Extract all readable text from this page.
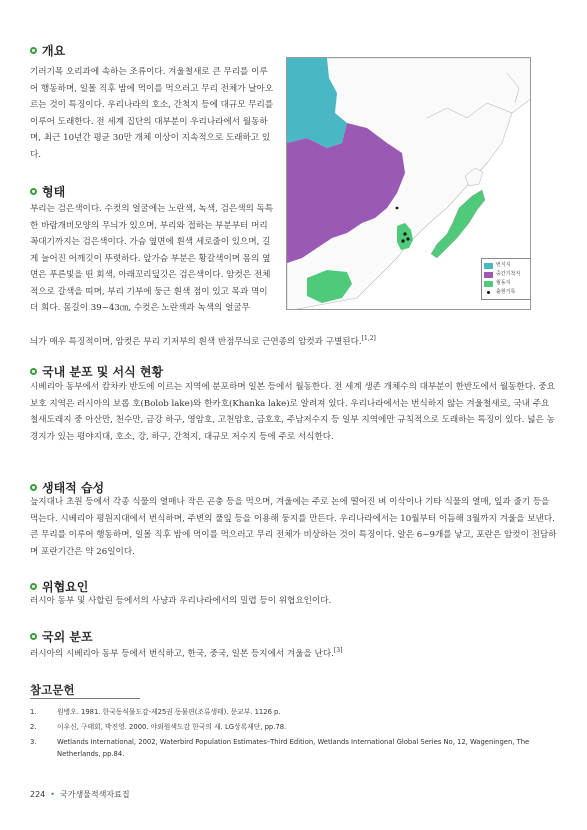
개요

기러기목 오리과에 속하는 조류이다. 겨울철새로 큰 무리를 이루어 행동하며, 일몰 직후 밤에 먹이를 먹으러고 무리 전체가 날아오르는 것이 특징이다. 우리나라의 호소, 간척지 등에 대규모 무리를 이루어 도래한다. 전 세계 집단의 대부분이 우리나라에서 월동하며, 최근 10년간 평균 30만 개체 이상이 지속적으로 도래하고 있다.

형태

부리는 검은색이다. 수컷의 얼굴에는 노란색, 녹색, 검은색의 독특한 바람개비모양의 무늬가 있으며, 부리와 접하는 부분부터 머리꼭대기까지는 검은색이다. 가슴 옆면에 흰색 세로줄이 있으며, 길게 늘어진 어깨깃이 뚜렷하다. 앞가슴 부분은 황갈색이며 몸의 옆면은 푸른빛을 띤 회색, 아래꼬리덮깃은 검은색이다. 암컷은 전체적으로 갈색을 띠며, 부리 기부에 둥근 흰색 점이 있고 목과 멱이 더 희다. 몸길이 39~43㎝, 수컷은 노란색과 녹색의 얼굴무

늬가 매우 특징적이며, 암컷은 부리 기저부의 흰색 반점무늬로 근연종의 암컷과 구별된다.[1,2]

번식지
중간기착지
월동지
출현기록
국내 분포 및 서식 현황

시베리아 동부에서 캄차카 반도에 이르는 지역에 분포하며 일본 등에서 월동한다. 전 세계 생존 개체수의 대부분이 한반도에서 월동한다. 중요 보호 지역은 러시아의 보롭 호(Bolob lake)와 한카호(Khanka lake)로 알려져 있다. 우리나라에서는 번식하지 않는 겨울철새로, 국내 주요 철새도래지 중 아산만, 천수만, 금강 하구, 영암호, 고천암호, 금호호, 주남저수지 등 일부 지역에만 규칙적으로 도래하는 특징이 있다. 넓은 농경지가 있는 평야지대, 호소, 강, 하구, 간척지, 대규모 저수지 등에 주로 서식한다.

생태적 습성

늪지대나 초원 등에서 각종 식물의 열매나 작은 곤충 등을 먹으며, 겨울에는 주로 논에 떨어진 벼 이삭이나 기타 식물의 열매, 잎과 줄기 등을 먹는다. 시베리아 평원지대에서 번식하며, 주변의 풀잎 등을 이용해 둥지를 만든다. 우리나라에서는 10월부터 이듬해 3월까지 겨울을 보낸다. 큰 무리를 이루어 행동하며, 일몰 직후 밤에 먹이를 먹으러고 무리 전체가 비상하는 것이 특징이다. 알은 6~9개를 낳고, 포란은 암컷이 전담하며 포란기간은 약 26일이다.

위협요인

러시아 동부 및 사할린 등에서의 사냥과 우리나라에서의 밀렵 등이 위협요인이다.

국외 분포

러시아의 시베리아 동부 등에서 번식하고, 한국, 중국, 일본 등지에서 겨울을 난다.[3]

참고문헌
1.	원병오. 1981. 한국동식물도감-제25권 동물편(조류생태). 문교부. 1126 p.
2.	이우신, 구태회, 박진영. 2000. 야외원색도감 한국의 새. LG상록재단, pp.78.
3.	Wetlands International, 2002, Waterbird Population Estimates–Third Edition, Wetlands International Global Series No, 12, Wageningen, The
Netherlands, pp.84.
224 • 국가생물적색자료집
